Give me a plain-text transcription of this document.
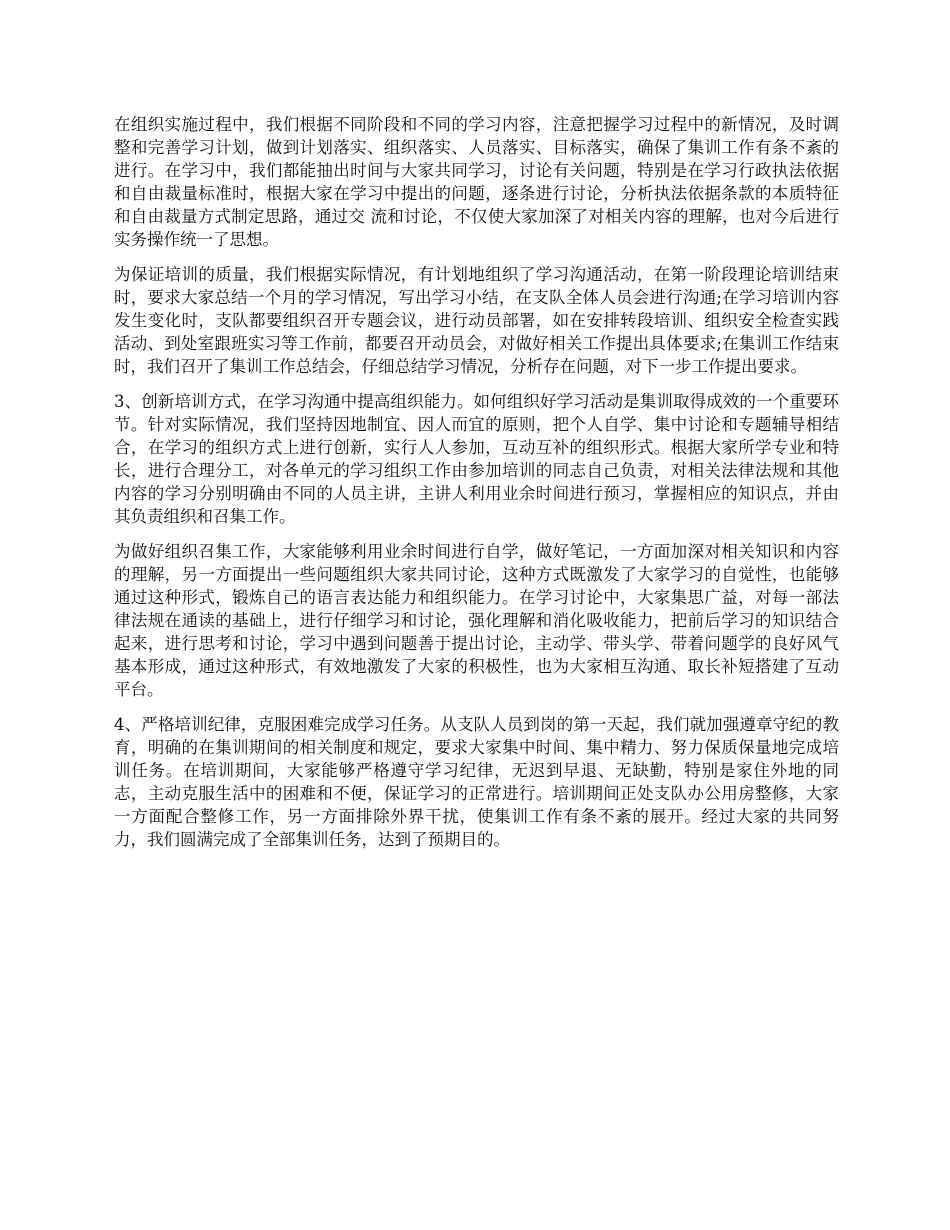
在组织实施过程中，我们根据不同阶段和不同的学习内容，注意把握学习过程中的新情况，及时调整和完善学习计划，做到计划落实、组织落实、人员落实、目标落实，确保了集训工作有条不紊的进行。在学习中，我们都能抽出时间与大家共同学习，讨论有关问题，特别是在学习行政执法依据和自由裁量标准时，根据大家在学习中提出的问题，逐条进行讨论，分析执法依据条款的本质特征和自由裁量方式制定思路，通过交 流和讨论，不仅使大家加深了对相关内容的理解，也对今后进行实务操作统一了思想。

为保证培训的质量，我们根据实际情况，有计划地组织了学习沟通活动，在第一阶段理论培训结束时，要求大家总结一个月的学习情况，写出学习小结，在支队全体人员会进行沟通;在学习培训内容发生变化时，支队都要组织召开专题会议，进行动员部署，如在安排转段培训、组织安全检查实践活动、到处室跟班实习等工作前，都要召开动员会，对做好相关工作提出具体要求;在集训工作结束时，我们召开了集训工作总结会，仔细总结学习情况，分析存在问题，对下一步工作提出要求。

3、创新培训方式，在学习沟通中提高组织能力。如何组织好学习活动是集训取得成效的一个重要环节。针对实际情况，我们坚持因地制宜、因人而宜的原则，把个人自学、集中讨论和专题辅导相结合，在学习的组织方式上进行创新，实行人人参加，互动互补的组织形式。根据大家所学专业和特长，进行合理分工，对各单元的学习组织工作由参加培训的同志自己负责，对相关法律法规和其他内容的学习分别明确由不同的人员主讲，主讲人利用业余时间进行预习，掌握相应的知识点，并由其负责组织和召集工作。

为做好组织召集工作，大家能够利用业余时间进行自学，做好笔记，一方面加深对相关知识和内容的理解，另一方面提出一些问题组织大家共同讨论，这种方式既激发了大家学习的自觉性，也能够通过这种形式，锻炼自己的语言表达能力和组织能力。在学习讨论中，大家集思广益，对每一部法律法规在通读的基础上，进行仔细学习和讨论，强化理解和消化吸收能力，把前后学习的知识结合起来，进行思考和讨论，学习中遇到问题善于提出讨论，主动学、带头学、带着问题学的良好风气基本形成，通过这种形式，有效地激发了大家的积极性，也为大家相互沟通、取长补短搭建了互动平台。

4、严格培训纪律，克服困难完成学习任务。从支队人员到岗的第一天起，我们就加强遵章守纪的教育，明确的在集训期间的相关制度和规定，要求大家集中时间、集中精力、努力保质保量地完成培训任务。在培训期间，大家能够严格遵守学习纪律，无迟到早退、无缺勤，特别是家住外地的同志，主动克服生活中的困难和不便，保证学习的正常进行。培训期间正处支队办公用房整修，大家一方面配合整修工作，另一方面排除外界干扰，使集训工作有条不紊的展开。经过大家的共同努力，我们圆满完成了全部集训任务，达到了预期目的。
